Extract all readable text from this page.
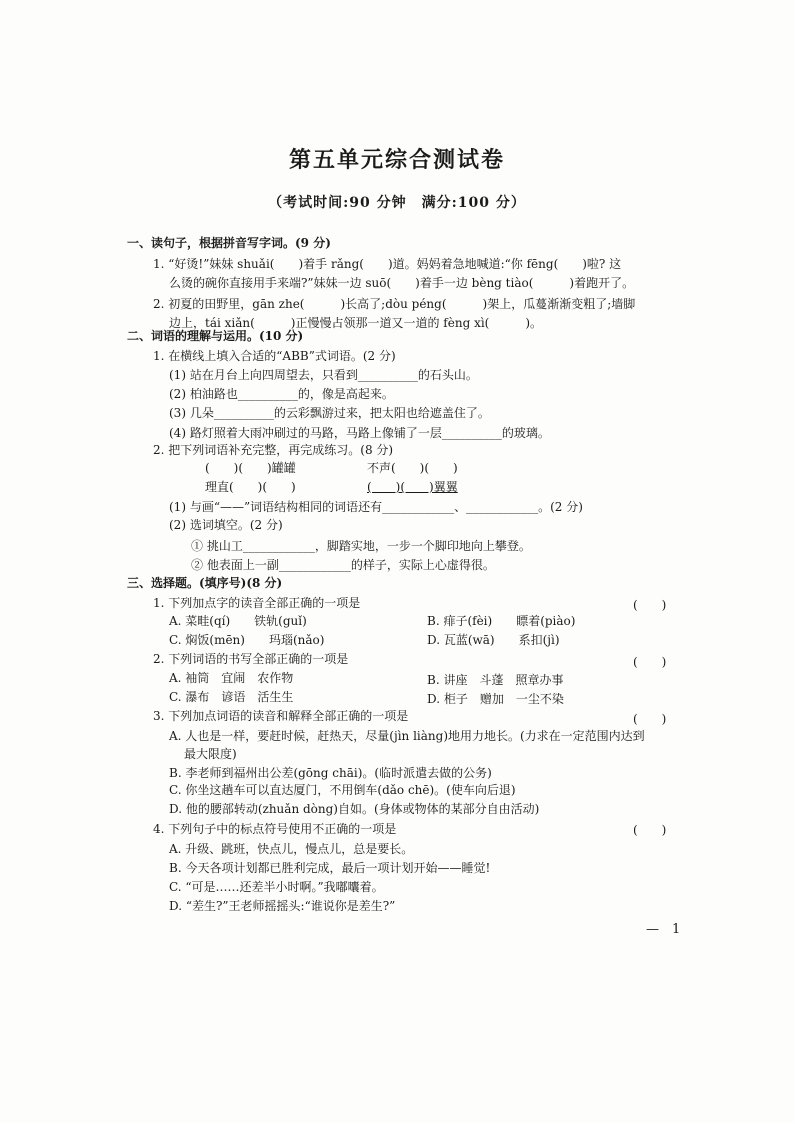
第五单元综合测试卷
（考试时间:90 分钟　满分:100 分）
一、读句子，根据拼音写字词。(9 分)
1. “好烫!”妹妹 shuǎi(　　)着手 rǎng(　　)道。妈妈着急地喊道:“你 fēng(　　)啦? 这
么烫的碗你直接用手来端?”妹妹一边 suō(　　)着手一边 bèng tiào(　　　)着跑开了。
2. 初夏的田野里，gān zhe(　　　)长高了;dòu péng(　　　)架上，瓜蔓渐渐变粗了;墙脚
边上，tái xiǎn(　　　)正慢慢占领那一道又一道的 fèng xì(　　　)。
二、词语的理解与运用。(10 分)
1. 在横线上填入合适的“ABB”式词语。(2 分)
(1) 站在月台上向四周望去，只看到__________的石头山。
(2) 柏油路也__________的，像是高起来。
(3) 几朵__________的云彩飘游过来，把太阳也给遮盖住了。
(4) 路灯照着大雨冲刷过的马路，马路上像铺了一层__________的玻璃。
2. 把下列词语补充完整，再完成练习。(8 分)
(　　)(　　)罐罐	不声(　　)(　　)
理直(　　)(　　)	(　　)(　　)翼翼
(1) 与画“——”词语结构相同的词语还有____________、____________。(2 分)
(2) 选词填空。(2 分)
① 挑山工____________，脚踏实地，一步一个脚印地向上攀登。
② 他表面上一副____________的样子，实际上心虚得很。
三、选择题。(填序号)(8 分)
1. 下列加点字的读音全部正确的一项是	(　　)
A. 菜畦(qí)　　铁轨(guǐ)	B. 痱子(fèi)　　瞟着(piào)
C. 焖饭(mēn)　　玛瑙(nǎo)	D. 瓦蓝(wā)　　系扣(jì)
2. 下列词语的书写全部正确的一项是	(　　)
A. 袖筒　宜闹　农作物	B. 讲座　斗蓬　照章办事
C. 瀑布　谚语　活生生	D. 柜子　赠加　一尘不染
3. 下列加点词语的读音和解释全部正确的一项是	(　　)
A. 人也是一样，要赶时候，赶热天，尽量(jìn liàng)地用力地长。(力求在一定范围内达到
最大限度)
B. 李老师到福州出公差(gōng chāi)。(临时派遣去做的公务)
C. 你坐这趟车可以直达厦门，不用倒车(dǎo chē)。(使车向后退)
D. 他的腰部转动(zhuǎn dòng)自如。(身体或物体的某部分自由活动)
4. 下列句子中的标点符号使用不正确的一项是	(　　)
A. 升级、跳班，快点儿，慢点儿，总是要长。
B. 今天各项计划都已胜利完成，最后一项计划开始——睡觉!
C. “可是……还差半小时啊。”我嘟囔着。
D. “差生?”王老师摇摇头:“谁说你是差生?”
—　1
